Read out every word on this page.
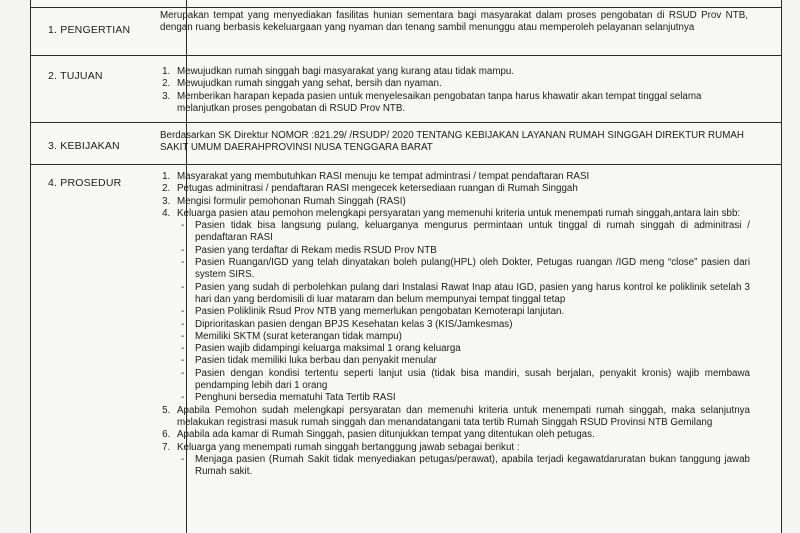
— ·· ·—··· ———
1. PENGERTIAN

Merupakan tempat yang menyediakan fasilitas hunian sementara bagi masyarakat dalam proses pengobatan di RSUD Prov NTB, dengan ruang berbasis kekeluargaan yang nyaman dan tenang sambil menunggu atau memperoleh pelayanan selanjutnya

2. TUJUAN
1.	Mewujudkan rumah singgah bagi masyarakat yang kurang atau tidak mampu.
2. Mewujudkan rumah singgah yang sehat, bersih dan nyaman.
3. Memberikan harapan kepada pasien untuk menyelesaikan pengobatan tanpa harus khawatir akan tempat tinggal selama melanjutkan proses pengobatan di RSUD Prov NTB.
3. KEBIJAKAN

Berdasarkan SK Direktur NOMOR :821.29/ /RSUDP/ 2020 TENTANG KEBIJAKAN LAYANAN RUMAH SINGGAH DIREKTUR RUMAH SAKIT UMUM DAERAHPROVINSI NUSA TENGGARA BARAT

4. PROSEDUR
1. Masyarakat yang membutuhkan RASI menuju ke tempat admintrasi / tempat pendaftaran RASI
2. Petugas adminitrasi / pendaftaran RASI mengecek ketersediaan ruangan di Rumah Singgah
3. Mengisi formulir pemohonan Rumah Singgah (RASI)
4. Keluarga pasien atau pemohon melengkapi persyaratan yang memenuhi kriteria untuk menempati rumah singgah,antara lain sbb:
- Pasien tidak bisa langsung pulang, keluarganya mengurus permintaan untuk tinggal di rumah singgah di adminitrasi / pendaftaran RASI
- Pasien yang terdaftar di Rekam medis RSUD Prov NTB
- Pasien Ruangan/IGD yang telah dinyatakan boleh pulang(HPL) oleh Dokter, Petugas ruangan /IGD meng “close” pasien dari system SIRS.
- Pasien yang sudah di perbolehkan pulang dari Instalasi Rawat Inap atau IGD, pasien yang harus kontrol ke poliklinik setelah 3 hari dan yang berdomisili di luar mataram dan belum mempunyai tempat tinggal tetap
- Pasien Poliklinik Rsud Prov NTB yang memerlukan pengobatan Kemoterapi lanjutan.
- Diprioritaskan pasien dengan BPJS Kesehatan kelas 3 (KIS/Jamkesmas)
- Memiliki SKTM (surat keterangan tidak mampu)
- Pasien wajib didampingi keluarga maksimal 1 orang keluarga
- Pasien tidak memiliki luka berbau dan penyakit menular
- Pasien dengan kondisi tertentu seperti lanjut usia (tidak bisa mandiri, susah berjalan, penyakit kronis) wajib membawa pendamping lebih dari 1 orang
- Penghuni bersedia mematuhi Tata Tertib RASI
5. Apabila Pemohon sudah melengkapi persyaratan dan memenuhi kriteria untuk menempati rumah singgah, maka selanjutnya melakukan registrasi masuk rumah singgah dan menandatangani tata tertib Rumah Singgah RSUD Provinsi NTB Gemilang
6. Apabila ada kamar di Rumah Singgah, pasien ditunjukkan tempat yang ditentukan oleh petugas.
7. Keluarga yang menempati rumah singgah bertanggung jawab sebagai berikut :
- Menjaga pasien (Rumah Sakit tidak menyediakan petugas/perawat), apabila terjadi kegawatdaruratan bukan tanggung jawab Rumah sakit.
